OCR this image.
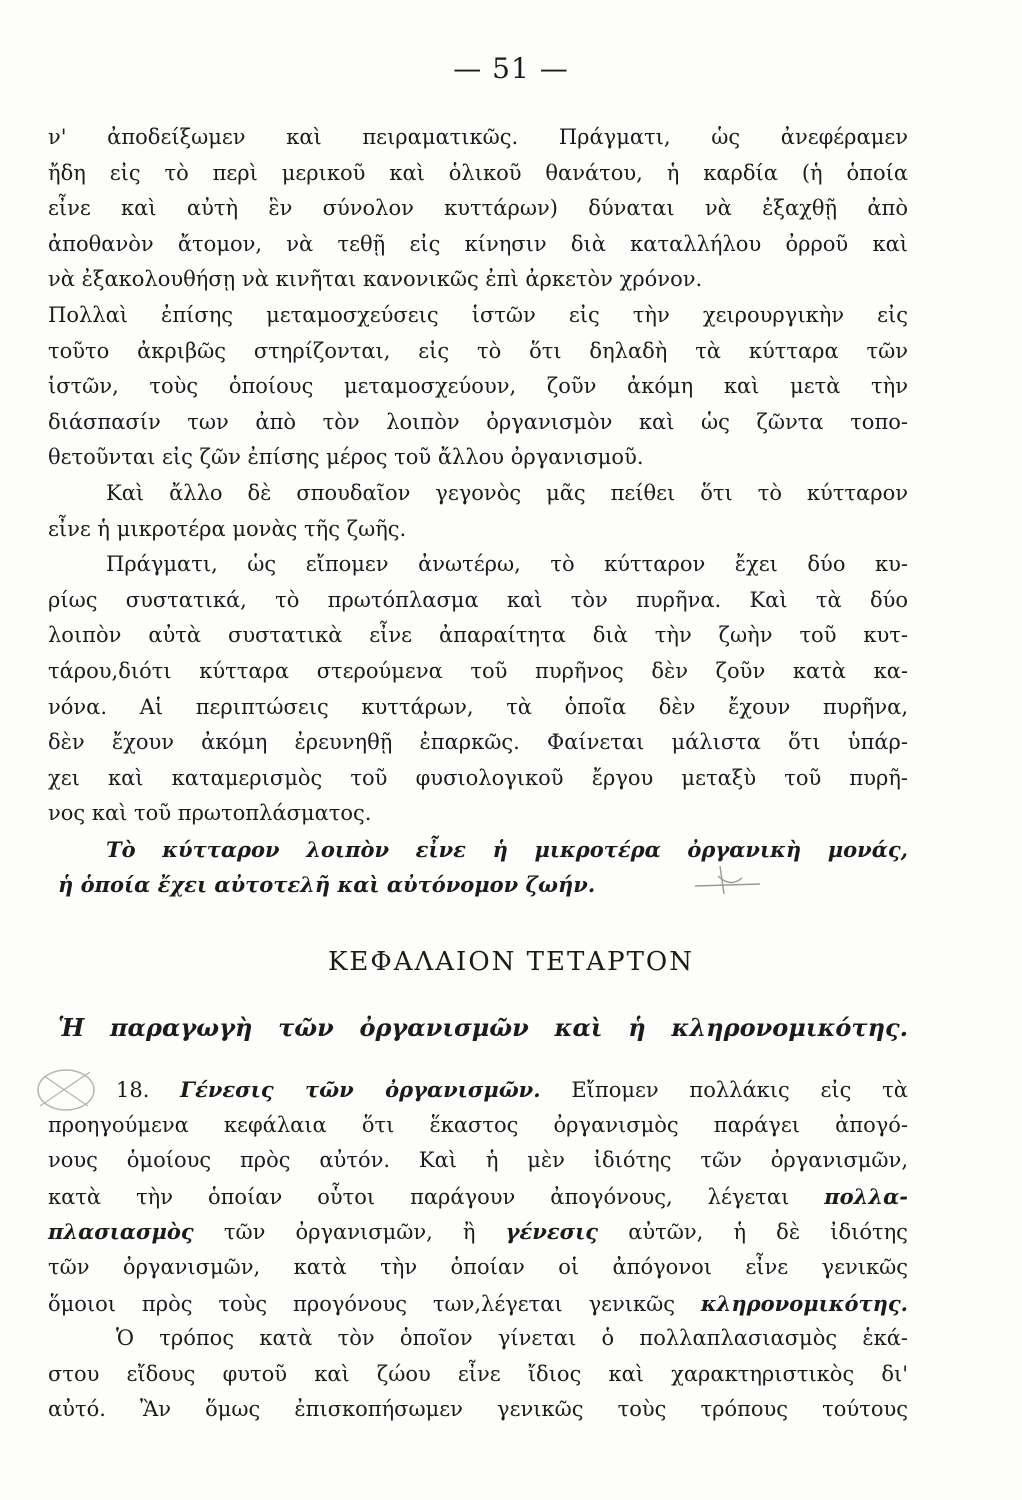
— 51 —
ν' ἀποδείξωμεν καὶ πειραματικῶς. Πράγματι, ὡς ἀνεφέραμεν
ἤδη εἰς τὸ περὶ μερικοῦ καὶ ὁλικοῦ θανάτου, ἡ καρδία (ἡ ὁποία
εἶνε καὶ αὐτὴ ἓν σύνολον κυττάρων) δύναται νὰ ἐξαχθῇ ἀπὸ
ἀποθανὸν ἄτομον, νὰ τεθῇ εἰς κίνησιν διὰ καταλλήλου ὀρροῦ καὶ
νὰ ἐξακολουθήσῃ νὰ κινῆται κανονικῶς ἐπὶ ἀρκετὸν χρόνον.
Πολλαὶ ἐπίσης μεταμοσχεύσεις ἱστῶν εἰς τὴν χειρουργικὴν εἰς
τοῦτο ἀκριβῶς στηρίζονται, εἰς τὸ ὅτι δηλαδὴ τὰ κύτταρα τῶν
ἱστῶν, τοὺς ὁποίους μεταμοσχεύουν, ζοῦν ἀκόμη καὶ μετὰ τὴν
διάσπασίν των ἀπὸ τὸν λοιπὸν ὀργανισμὸν καὶ ὡς ζῶντα τοπο-
θετοῦνται εἰς ζῶν ἐπίσης μέρος τοῦ ἄλλου ὀργανισμοῦ.
Καὶ ἄλλο δὲ σπουδαῖον γεγονὸς μᾶς πείθει ὅτι τὸ κύτταρον
εἶνε ἡ μικροτέρα μονὰς τῆς ζωῆς.
Πράγματι, ὡς εἴπομεν ἀνωτέρω, τὸ κύτταρον ἔχει δύο κυ-
ρίως συστατικά, τὸ πρωτόπλασμα καὶ τὸν πυρῆνα. Καὶ τὰ δύο
λοιπὸν αὐτὰ συστατικὰ εἶνε ἀπαραίτητα διὰ τὴν ζωὴν τοῦ κυτ-
τάρου,διότι κύτταρα στερούμενα τοῦ πυρῆνος δὲν ζοῦν κατὰ κα-
νόνα. Αἱ περιπτώσεις κυττάρων, τὰ ὁποῖα δὲν ἔχουν πυρῆνα,
δὲν ἔχουν ἀκόμη ἐρευνηθῇ ἐπαρκῶς. Φαίνεται μάλιστα ὅτι ὑπάρ-
χει καὶ καταμερισμὸς τοῦ φυσιολογικοῦ ἔργου μεταξὺ τοῦ πυρῆ-
νος καὶ τοῦ πρωτοπλάσματος.
Τὸ κύτταρον λοιπὸν εἶνε ἡ μικροτέρα ὀργανικὴ μονάς,
ἡ ὁποία ἔχει αὐτοτελῆ καὶ αὐτόνομον ζωήν.
ΚΕΦΑΛΑΙΟΝ ΤΕΤΑΡΤΟΝ
Ἡ παραγωγὴ τῶν ὀργανισμῶν καὶ ἡ κληρονομικότης.
18. Γένεσις τῶν ὀργανισμῶν. Εἴπομεν πολλάκις εἰς τὰ
προηγούμενα κεφάλαια ὅτι ἕκαστος ὀργανισμὸς παράγει ἀπογό-
νους ὁμοίους πρὸς αὐτόν. Καὶ ἡ μὲν ἰδιότης τῶν ὀργανισμῶν,
κατὰ τὴν ὁποίαν οὗτοι παράγουν ἀπογόνους, λέγεται πολλα-
πλασιασμὸς τῶν ὀργανισμῶν, ἢ γένεσις αὐτῶν, ἡ δὲ ἰδιότης
τῶν ὀργανισμῶν, κατὰ τὴν ὁποίαν οἱ ἀπόγονοι εἶνε γενικῶς
ὅμοιοι πρὸς τοὺς προγόνους των,λέγεται γενικῶς κληρονομικότης.
Ὁ τρόπος κατὰ τὸν ὁποῖον γίνεται ὁ πολλαπλασιασμὸς ἑκά-
στου εἴδους φυτοῦ καὶ ζώου εἶνε ἴδιος καὶ χαρακτηριστικὸς δι'
αὐτό. Ἂν ὅμως ἐπισκοπήσωμεν γενικῶς τοὺς τρόπους τούτους
